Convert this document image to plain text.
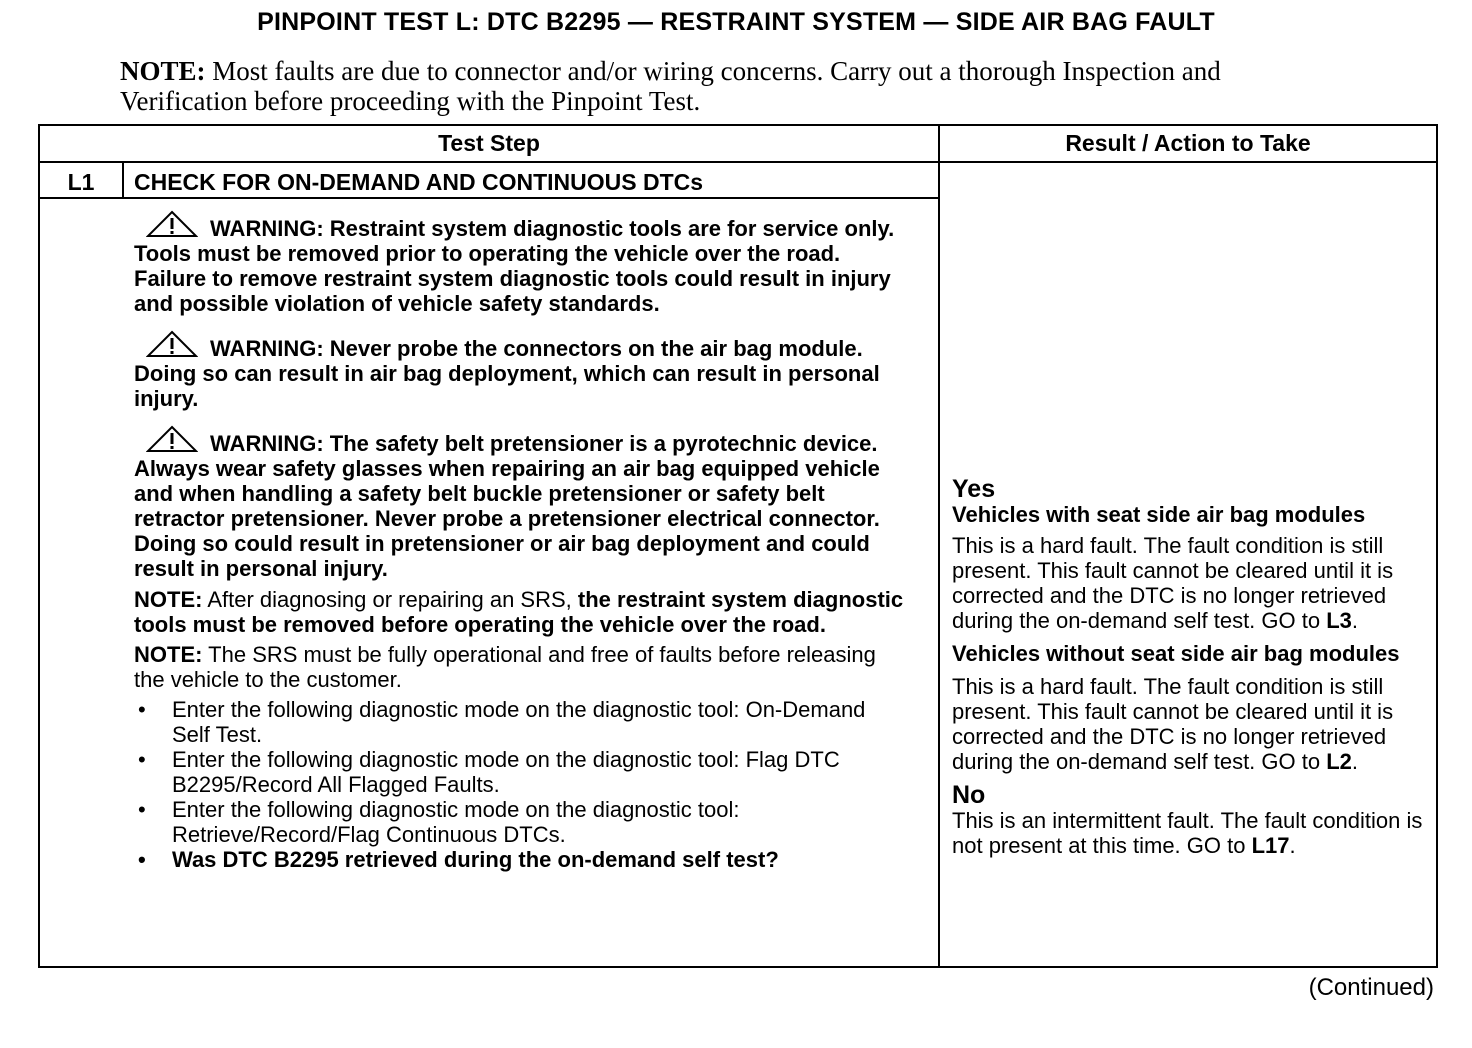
PINPOINT TEST L: DTC B2295 — RESTRAINT SYSTEM — SIDE AIR BAG FAULT
NOTE: Most faults are due to connector and/or wiring concerns. Carry out a thorough Inspection and Verification before proceeding with the Pinpoint Test.
Test Step	Result / Action to Take
L1	CHECK FOR ON-DEMAND AND CONTINUOUS DTCs
WARNING: Restraint system diagnostic tools are for service only. Tools must be removed prior to operating the vehicle over the road. Failure to remove restraint system diagnostic tools could result in injury and possible violation of vehicle safety standards.
WARNING: Never probe the connectors on the air bag module. Doing so can result in air bag deployment, which can result in personal injury.
WARNING: The safety belt pretensioner is a pyrotechnic device. Always wear safety glasses when repairing an air bag equipped vehicle and when handling a safety belt buckle pretensioner or safety belt retractor pretensioner. Never probe a pretensioner electrical connector. Doing so could result in pretensioner or air bag deployment and could result in personal injury.
NOTE: After diagnosing or repairing an SRS, the restraint system diagnostic tools must be removed before operating the vehicle over the road.
NOTE: The SRS must be fully operational and free of faults before releasing the vehicle to the customer.
• Enter the following diagnostic mode on the diagnostic tool: On-Demand Self Test.
• Enter the following diagnostic mode on the diagnostic tool: Flag DTC B2295/Record All Flagged Faults.
• Enter the following diagnostic mode on the diagnostic tool: Retrieve/Record/Flag Continuous DTCs.
• Was DTC B2295 retrieved during the on-demand self test?
Yes
Vehicles with seat side air bag modules
This is a hard fault. The fault condition is still present. This fault cannot be cleared until it is corrected and the DTC is no longer retrieved during the on-demand self test. GO to L3.
Vehicles without seat side air bag modules
This is a hard fault. The fault condition is still present. This fault cannot be cleared until it is corrected and the DTC is no longer retrieved during the on-demand self test. GO to L2.
No
This is an intermittent fault. The fault condition is not present at this time. GO to L17.
(Continued)
